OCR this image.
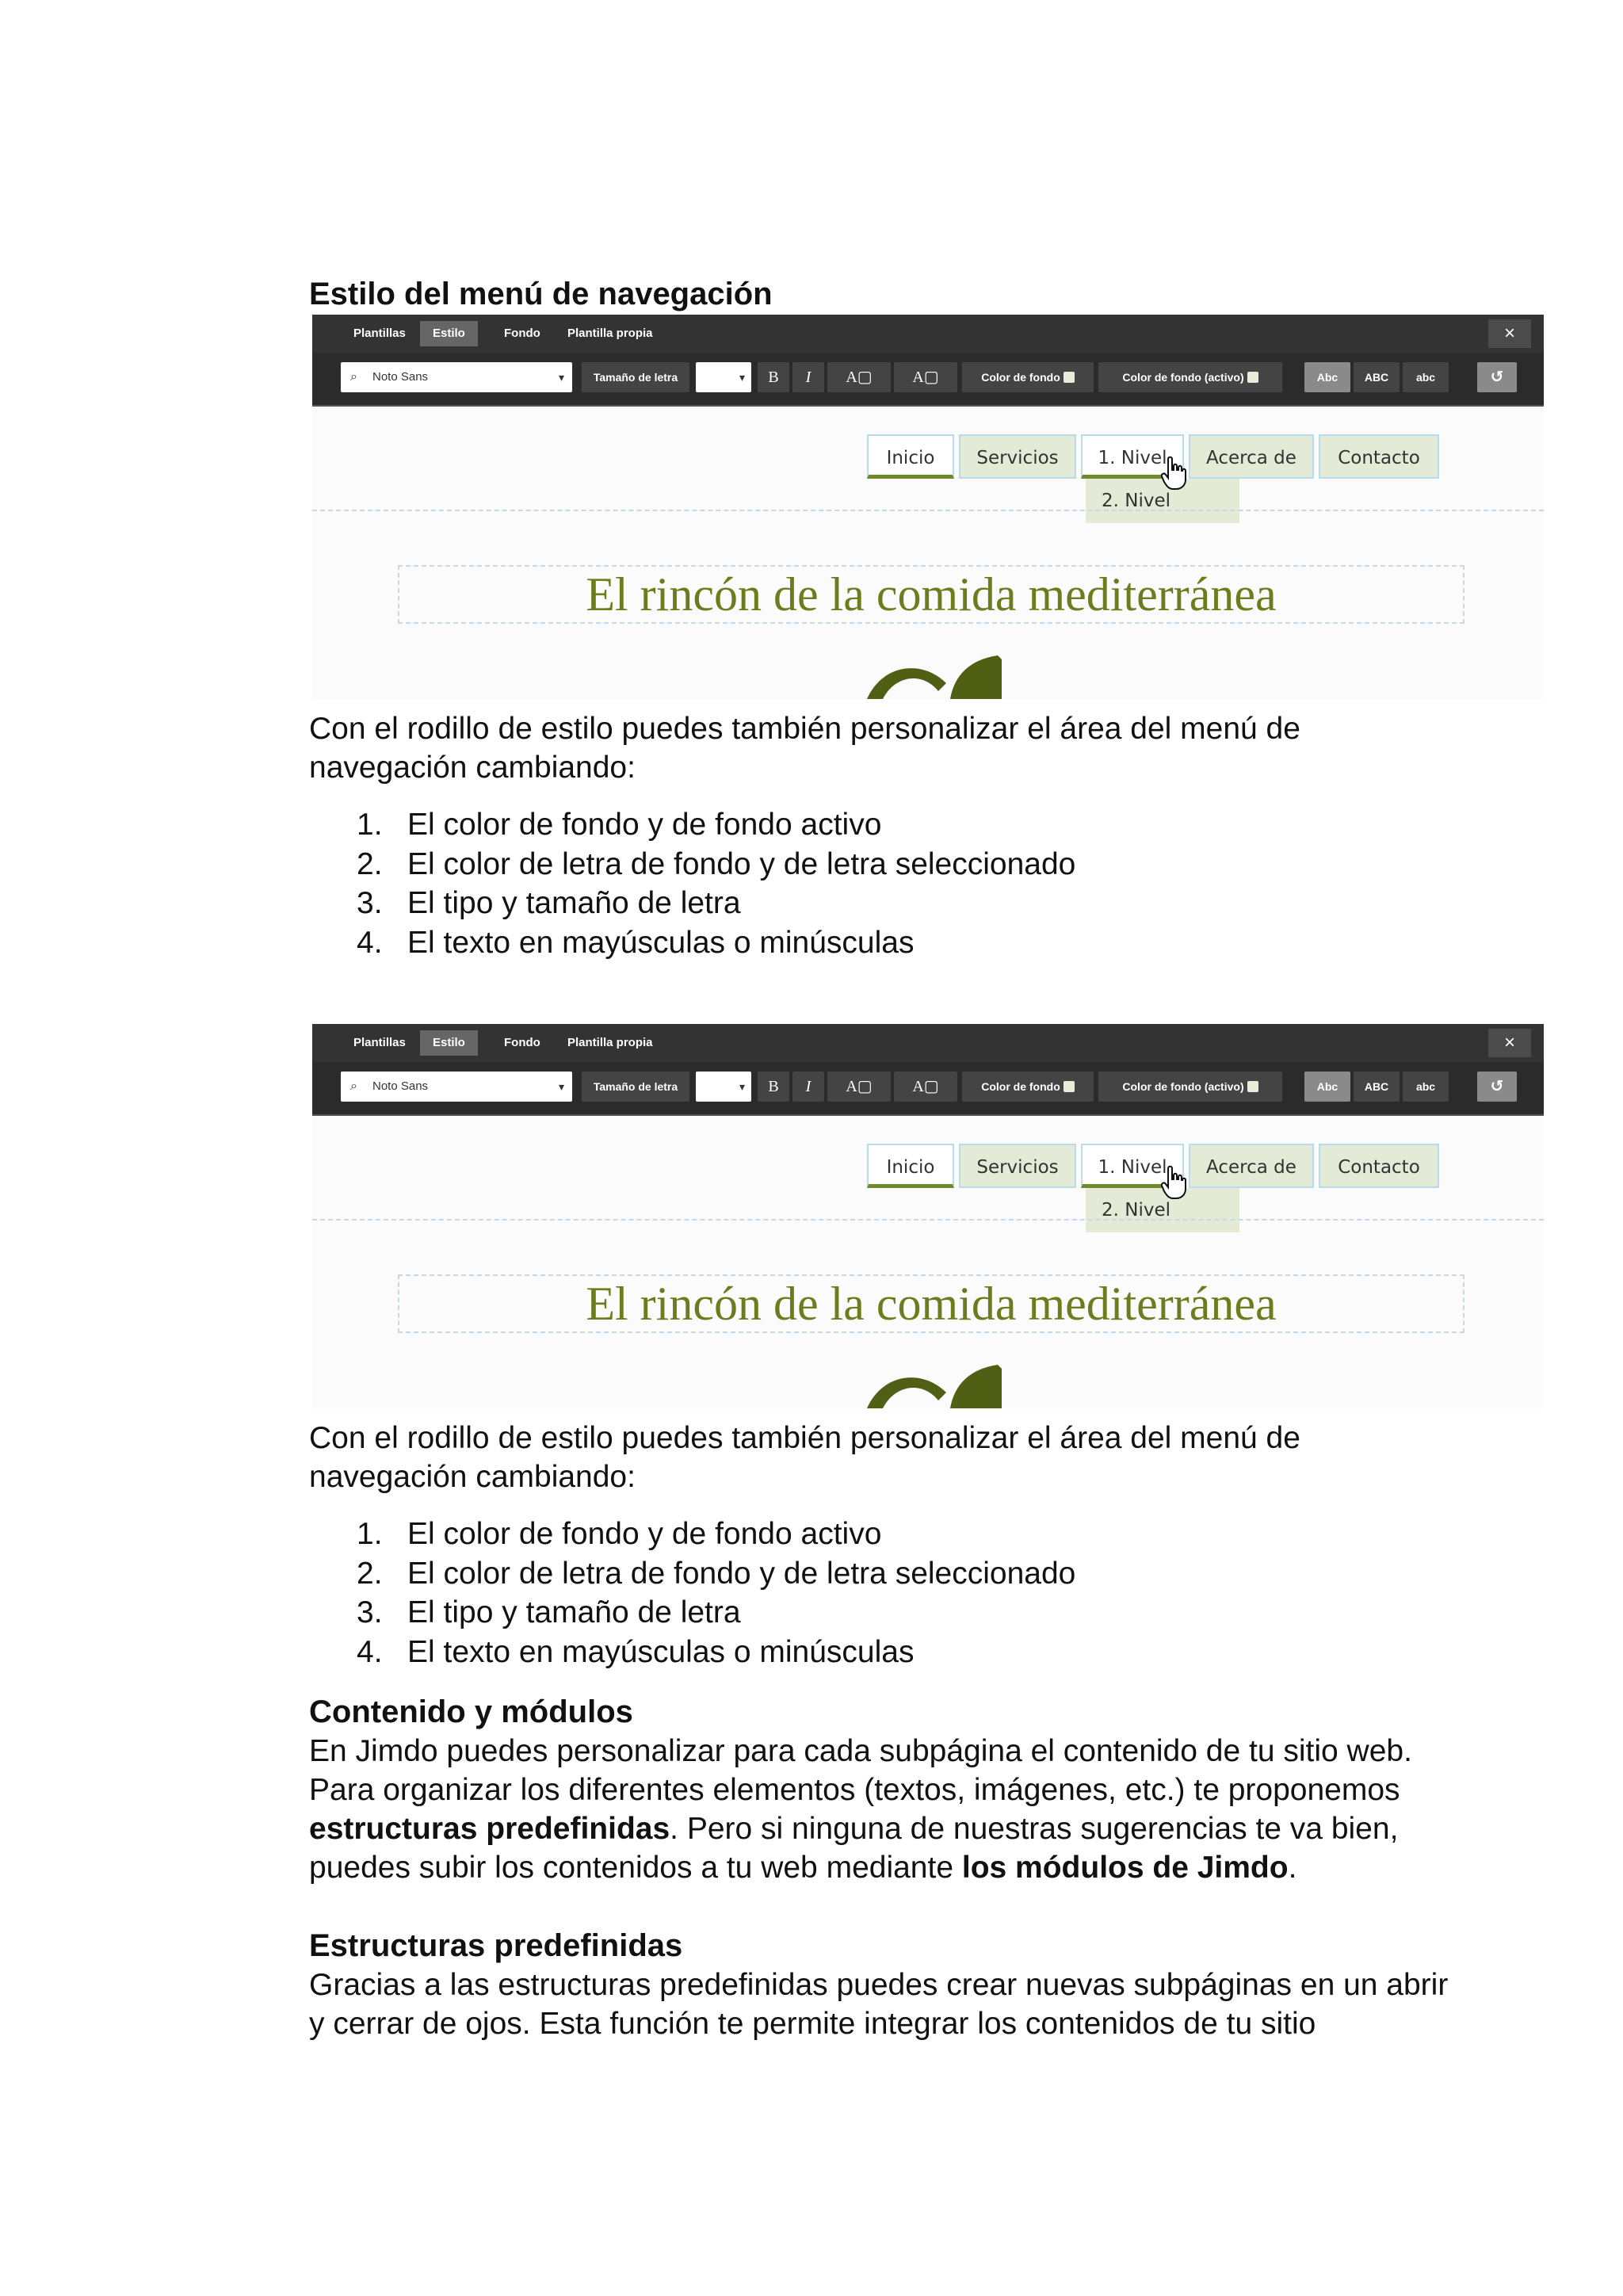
Estilo del menú de navegación
Plantillas	Estilo	Fondo	Plantilla propia	×
⌕ Noto Sans	▾	Tamaño de letra	▾	B	I	A▢	A▢	Color de fondo	Color de fondo (activo)	Abc	ABC	abc	↺
Inicio	Servicios	1. Nivel	Acerca de	Contacto
2. Nivel
El rincón de la comida mediterránea
Con el rodillo de estilo puedes también personalizar el área del menú de navegación cambiando:
1. El color de fondo y de fondo activo
2. El color de letra de fondo y de letra seleccionado
3. El tipo y tamaño de letra
4. El texto en mayúsculas o minúsculas
Plantillas	Estilo	Fondo	Plantilla propia	×
⌕ Noto Sans	▾	Tamaño de letra	▾	B	I	A▢	A▢	Color de fondo	Color de fondo (activo)	Abc	ABC	abc	↺
Inicio	Servicios	1. Nivel	Acerca de	Contacto
2. Nivel
El rincón de la comida mediterránea
Con el rodillo de estilo puedes también personalizar el área del menú de navegación cambiando:
1. El color de fondo y de fondo activo
2. El color de letra de fondo y de letra seleccionado
3. El tipo y tamaño de letra
4. El texto en mayúsculas o minúsculas
Contenido y módulos
En Jimdo puedes personalizar para cada subpágina el contenido de tu sitio web. Para organizar los diferentes elementos (textos, imágenes, etc.) te proponemos estructuras predefinidas. Pero si ninguna de nuestras sugerencias te va bien, puedes subir los contenidos a tu web mediante los módulos de Jimdo.
Estructuras predefinidas
Gracias a las estructuras predefinidas puedes crear nuevas subpáginas en un abrir y cerrar de ojos. Esta función te permite integrar los contenidos de tu sitio
